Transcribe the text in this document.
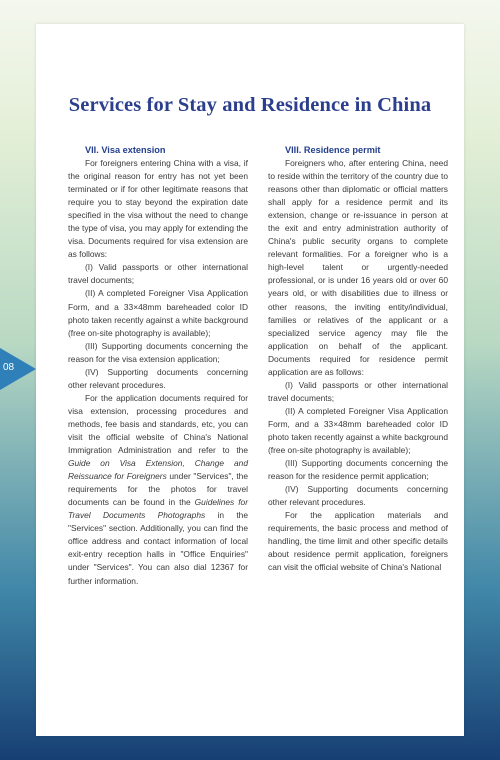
Services for Stay and Residence in China
VII. Visa extension

For foreigners entering China with a visa, if the original reason for entry has not yet been terminated or if for other legitimate reasons that require you to stay beyond the expiration date specified in the visa without the need to change the type of visa, you may apply for extending the visa. Documents required for visa extension are as follows:

(I) Valid passports or other international travel documents;

(II) A completed Foreigner Visa Application Form, and a 33×48mm bareheaded color ID photo taken recently against a white background (free on-site photography is available);

(III) Supporting documents concerning the reason for the visa extension application;

(IV) Supporting documents concerning other relevant procedures.

For the application documents required for visa extension, processing procedures and methods, fee basis and standards, etc, you can visit the official website of China's National Immigration Administration and refer to the Guide on Visa Extension, Change and Reissuance for Foreigners under "Services", the requirements for the photos for travel documents can be found in the Guidelines for Travel Documents Photographs in the "Services" section. Additionally, you can find the office address and contact information of local exit-entry reception halls in "Office Enquiries" under "Services". You can also dial 12367 for further information.

VIII. Residence permit

Foreigners who, after entering China, need to reside within the territory of the country due to reasons other than diplomatic or official matters shall apply for a residence permit and its extension, change or re-issuance in person at the exit and entry administration authority of China's public security organs to complete relevant formalities. For a foreigner who is a high-level talent or urgently-needed professional, or is under 16 years old or over 60 years old, or with disabilities due to illness or other reasons, the inviting entity/individual, families or relatives of the applicant or a specialized service agency may file the application on behalf of the applicant. Documents required for residence permit application are as follows:

(I) Valid passports or other international travel documents;

(II) A completed Foreigner Visa Application Form, and a 33×48mm bareheaded color ID photo taken recently against a white background (free on-site photography is available);

(III) Supporting documents concerning the reason for the residence permit application;

(IV) Supporting documents concerning other relevant procedures.

For the application materials and requirements, the basic process and method of handling, the time limit and other specific details about residence permit application, foreigners can visit the official website of China's National

08
